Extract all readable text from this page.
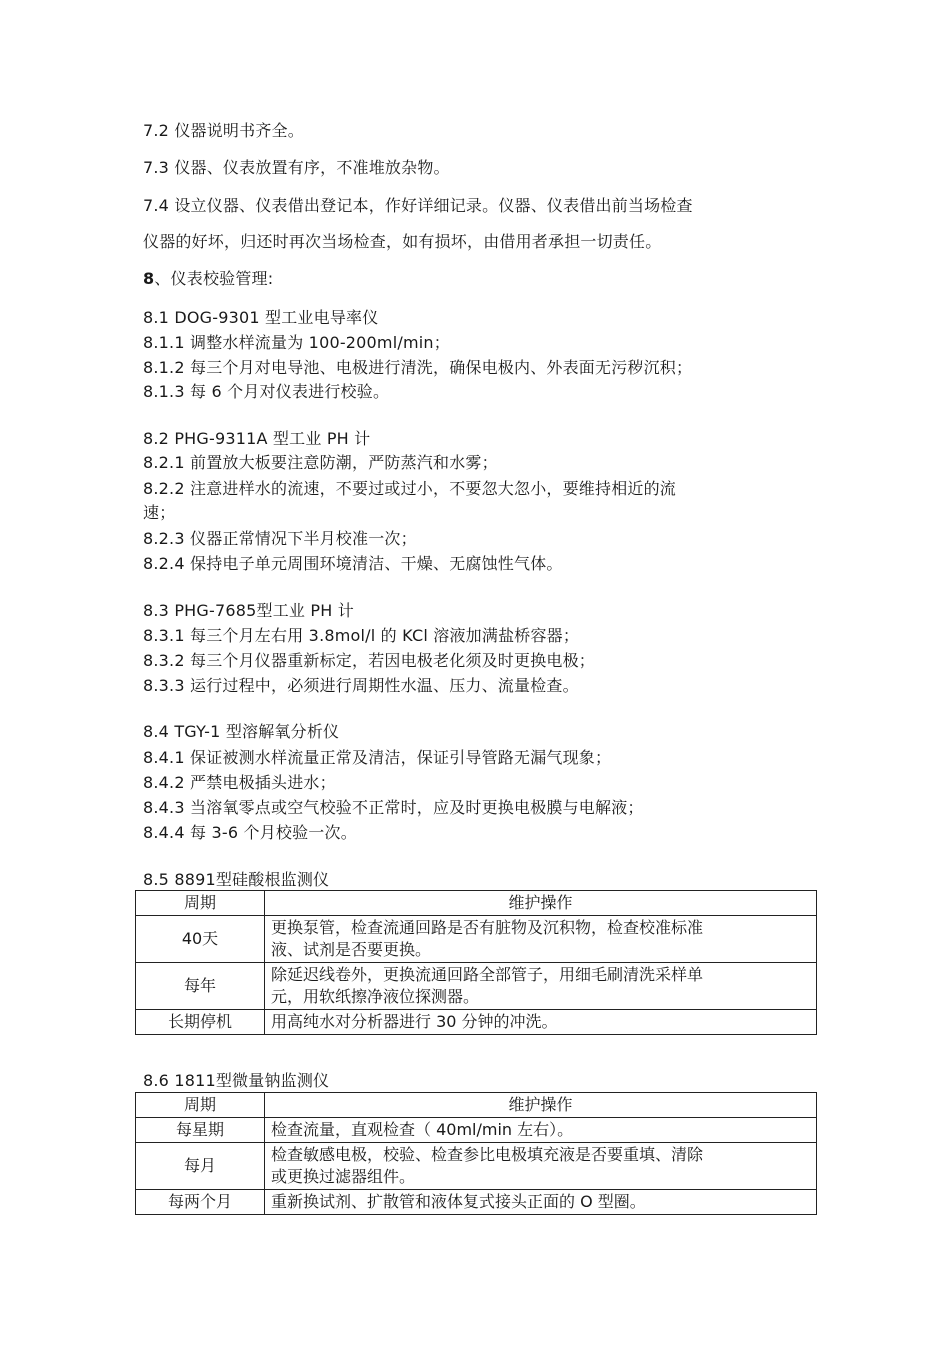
7.2 仪器说明书齐全。
7.3 仪器、仪表放置有序，不准堆放杂物。
7.4 设立仪器、仪表借出登记本，作好详细记录。仪器、仪表借出前当场检查
仪器的好坏，归还时再次当场检查，如有损坏，由借用者承担一切责任。
8、仪表校验管理:
8.1 DOG-9301 型工业电导率仪
8.1.1 调整水样流量为 100-200ml/min；
8.1.2 每三个月对电导池、电极进行清洗，确保电极内、外表面无污秽沉积；
8.1.3 每 6 个月对仪表进行校验。
8.2 PHG-9311A 型工业 PH 计
8.2.1 前置放大板要注意防潮，严防蒸汽和水雾；
8.2.2 注意进样水的流速，不要过或过小，不要忽大忽小，要维持相近的流
速；
8.2.3 仪器正常情况下半月校准一次；
8.2.4 保持电子单元周围环境清洁、干燥、无腐蚀性气体。
8.3 PHG-7685型工业 PH 计
8.3.1 每三个月左右用 3.8mol/l 的 KCl 溶液加满盐桥容器；
8.3.2 每三个月仪器重新标定，若因电极老化须及时更换电极；
8.3.3 运行过程中，必须进行周期性水温、压力、流量检查。
8.4 TGY-1 型溶解氧分析仪
8.4.1 保证被测水样流量正常及清洁，保证引导管路无漏气现象；
8.4.2 严禁电极插头进水；
8.4.3 当溶氧零点或空气校验不正常时，应及时更换电极膜与电解液；
8.4.4 每 3-6 个月校验一次。
8.5 8891型硅酸根监测仪
周期	维护操作
40天	更换泵管，检查流通回路是否有脏物及沉积物，检查校准标准
液、试剂是否要更换。

每年	除延迟线卷外，更换流通回路全部管子，用细毛刷清洗采样单
元，用软纸擦净液位探测器。

长期停机	用高纯水对分析器进行 30 分钟的冲洗。
8.6 1811型微量钠监测仪
周期	维护操作
每星期	检查流量，直观检查（ 40ml/min 左右）。
每月	检查敏感电极，校验、检查参比电极填充液是否要重填、清除
或更换过滤器组件。

每两个月	重新换试剂、扩散管和液体复式接头正面的 O 型圈。
